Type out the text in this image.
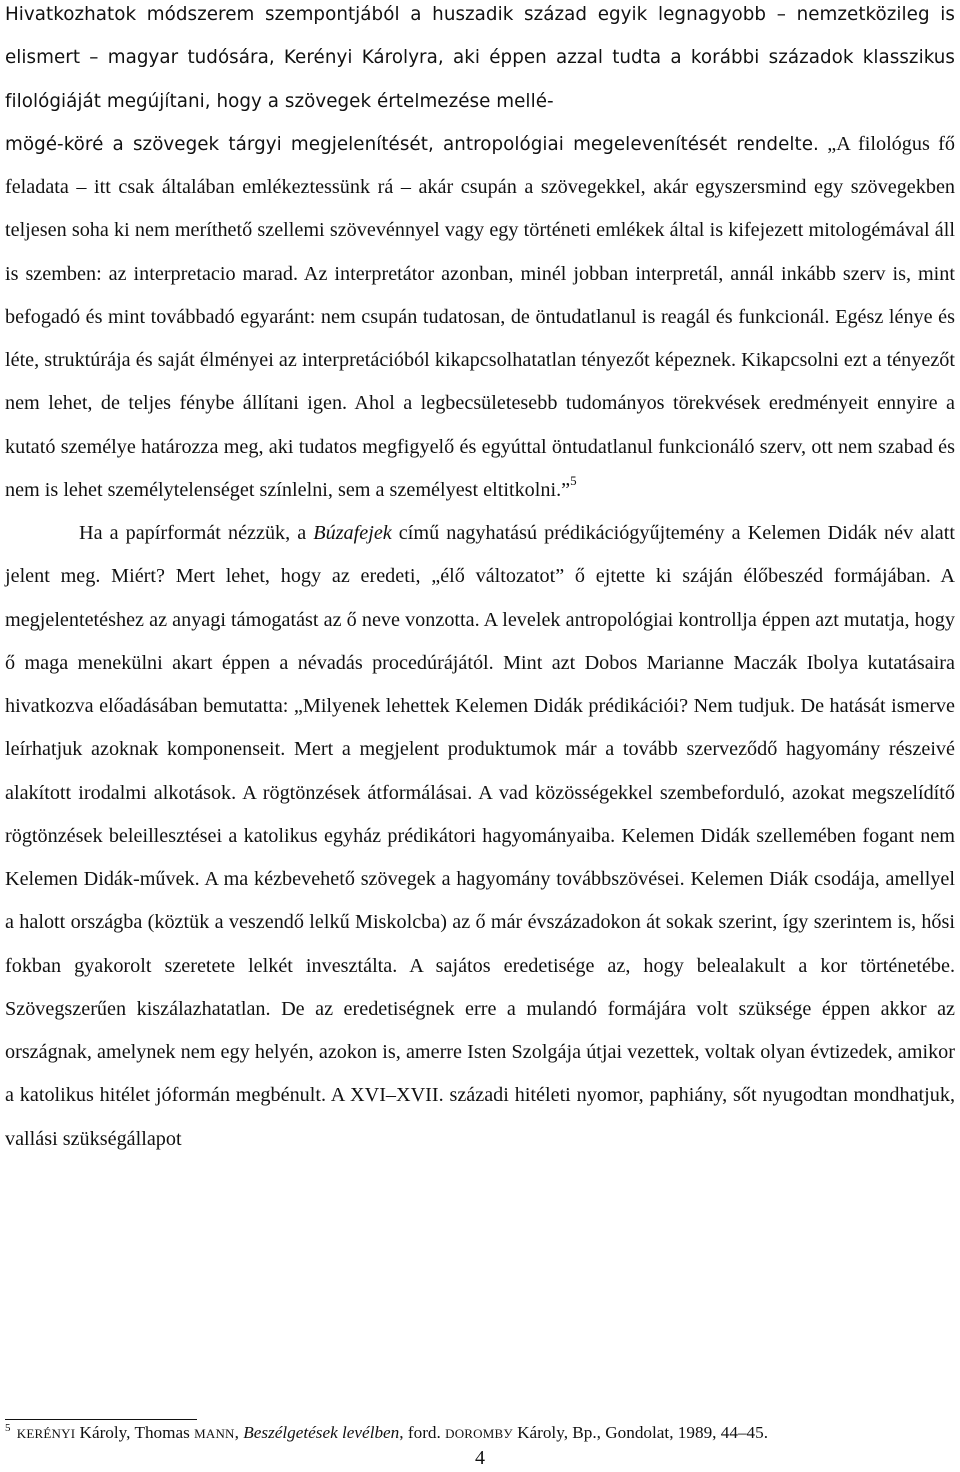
Hivatkozhatok módszerem szempontjából a huszadik század egyik legnagyobb – nemzetközileg is elismert – magyar tudósára, Kerényi Károlyra, aki éppen azzal tudta a korábbi századok klasszikus filológiáját megújítani, hogy a szövegek értelmezése mellé-
mögé-köré a szövegek tárgyi megjelenítését, antropológiai megelevenítését rendelte. „A filológus fő feladata – itt csak általában emlékeztessünk rá – akár csupán a szövegekkel, akár egyszersmind egy szövegekben teljesen soha ki nem meríthető szellemi szövevénnyel vagy egy történeti emlékek által is kifejezett mitologémával áll is szemben: az interpretacio marad. Az interpretátor azonban, minél jobban interpretál, annál inkább szerv is, mint befogadó és mint továbbadó egyaránt: nem csupán tudatosan, de öntudatlanul is reagál és funkcionál. Egész lénye és léte, struktúrája és saját élményei az interpretációból kikapcsolhatatlan tényezőt képeznek. Kikapcsolni ezt a tényezőt nem lehet, de teljes fénybe állítani igen. Ahol a legbecsületesebb tudományos törekvések eredményeit ennyire a kutató személye határozza meg, aki tudatos megfigyelő és egyúttal öntudatlanul funkcionáló szerv, ott nem szabad és nem is lehet személytelenséget színlelni, sem a személyest eltitkolni.”$^5$

Ha a papírformát nézzük, a Búzafejek című nagyhatású prédikációgyűjtemény a Kelemen Didák név alatt jelent meg. Miért? Mert lehet, hogy az eredeti, „élő változatot” ő ejtette ki száján élőbeszéd formájában. A megjelentetéshez az anyagi támogatást az ő neve vonzotta. A levelek antropológiai kontrollja éppen azt mutatja, hogy ő maga menekülni akart éppen a névadás procedúrájától. Mint azt Dobos Marianne Maczák Ibolya kutatásaira hivatkozva előadásában bemutatta: „Milyenek lehettek Kelemen Didák prédikációi? Nem tudjuk. De hatását ismerve leírhatjuk azoknak komponenseit. Mert a megjelent produktumok már a tovább szerveződő hagyomány részeivé alakított irodalmi alkotások. A rögtönzések átformálásai. A vad közösségekkel szembeforduló, azokat megszelídítő rögtönzések beleillesztései a katolikus egyház prédikátori hagyományaiba. Kelemen Didák szellemében fogant nem Kelemen Didák-művek. A ma kézbevehető szövegek a hagyomány továbbszövései. Kelemen Diák csodája, amellyel a halott országba (köztük a veszendő lelkű Miskolcba) az ő már évszázadokon át sokak szerint, így szerintem is, hősi fokban gyakorolt szeretete lelkét invesztálta. A sajátos eredetisége az, hogy belealakult a kor történetébe. Szövegszerűen kiszálazhatatlan. De az eredetiségnek erre a mulandó formájára volt szüksége éppen akkor az országnak, amelynek nem egy helyén, azokon is, amerre Isten Szolgája útjai vezettek, voltak olyan évtizedek, amikor a katolikus hitélet jóformán megbénult. A XVI–XVII. századi hitéleti nyomor, paphiány, sőt nyugodtan mondhatjuk, vallási szükségállapot

$^5$ KERÉNYI Károly, Thomas MANN, Beszélgetések levélben, ford. DOROMBУ Károly, Bp., Gondolat, 1989, 44–45.
4
